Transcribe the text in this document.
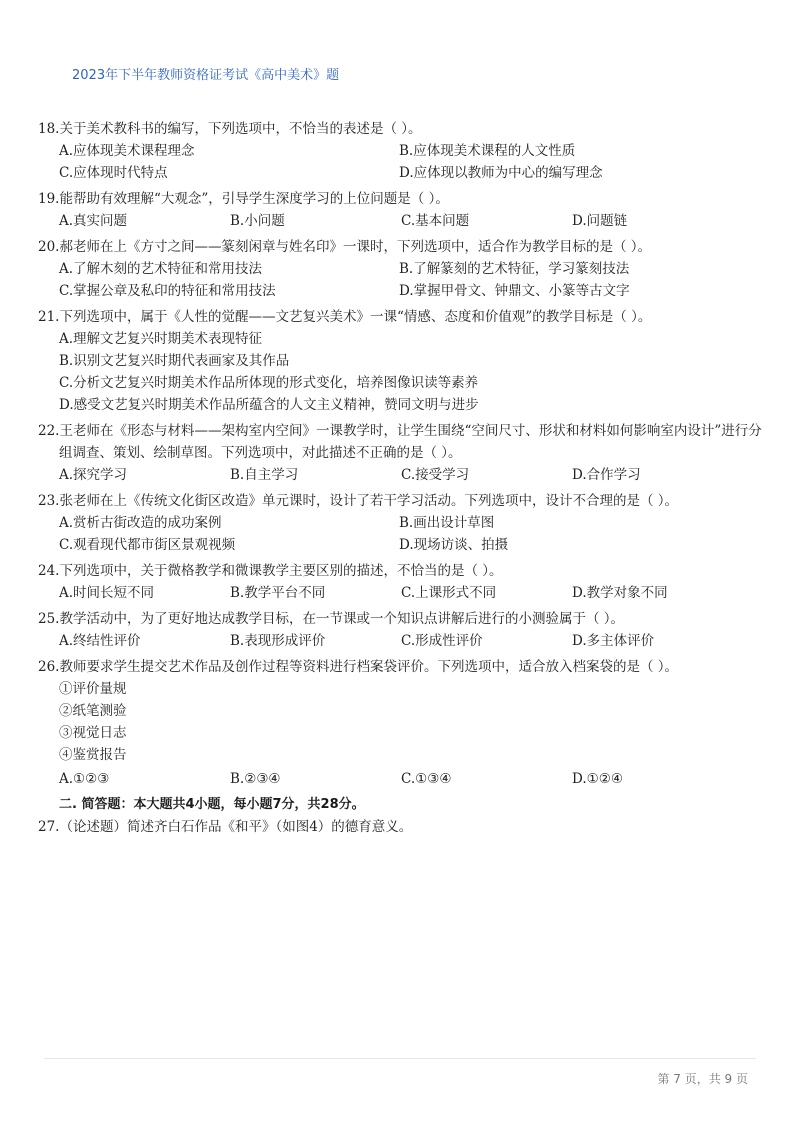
2023年下半年教师资格证考试《高中美术》题
18.关于美术教科书的编写，下列选项中，不恰当的表述是（ ）。
A.应体现美术课程理念	B.应体现美术课程的人文性质
C.应体现时代特点	D.应体现以教师为中心的编写理念
19.能帮助有效理解“大观念”，引导学生深度学习的上位问题是（ ）。
A.真实问题	B.小问题	C.基本问题	D.问题链
20.郝老师在上《方寸之间——篆刻闲章与姓名印》一课时，下列选项中，适合作为教学目标的是（ ）。
A.了解木刻的艺术特征和常用技法	B.了解篆刻的艺术特征，学习篆刻技法
C.掌握公章及私印的特征和常用技法	D.掌握甲骨文、钟鼎文、小篆等古文字
21.下列选项中，属于《人性的觉醒——文艺复兴美术》一课“情感、态度和价值观”的教学目标是（ ）。
A.理解文艺复兴时期美术表现特征
B.识别文艺复兴时期代表画家及其作品
C.分析文艺复兴时期美术作品所体现的形式变化，培养图像识读等素养
D.感受文艺复兴时期美术作品所蕴含的人文主义精神，赞同文明与进步
22.王老师在《形态与材料——架构室内空间》一课教学时，让学生围绕“空间尺寸、形状和材料如何影响室内设计”进行分组调查、策划、绘制草图。下列选项中，对此描述不正确的是（ ）。
A.探究学习	B.自主学习	C.接受学习	D.合作学习
23.张老师在上《传统文化街区改造》单元课时，设计了若干学习活动。下列选项中，设计不合理的是（ ）。
A.赏析古街改造的成功案例	B.画出设计草图
C.观看现代都市街区景观视频	D.现场访谈、拍摄
24.下列选项中，关于微格教学和微课教学主要区别的描述，不恰当的是（ ）。
A.时间长短不同	B.教学平台不同	C.上课形式不同	D.教学对象不同
25.教学活动中，为了更好地达成教学目标，在一节课或一个知识点讲解后进行的小测验属于（ ）。
A.终结性评价	B.表现形成评价	C.形成性评价	D.多主体评价
26.教师要求学生提交艺术作品及创作过程等资料进行档案袋评价。下列选项中，适合放入档案袋的是（ ）。
①评价量规
②纸笔测验
③视觉日志
④鉴赏报告
A.①②③	B.②③④	C.①③④	D.①②④
二. 简答题：本大题共4小题，每小题7分，共28分。
27.（论述题）简述齐白石作品《和平》（如图4）的德育意义。
第 7 页，共 9 页
